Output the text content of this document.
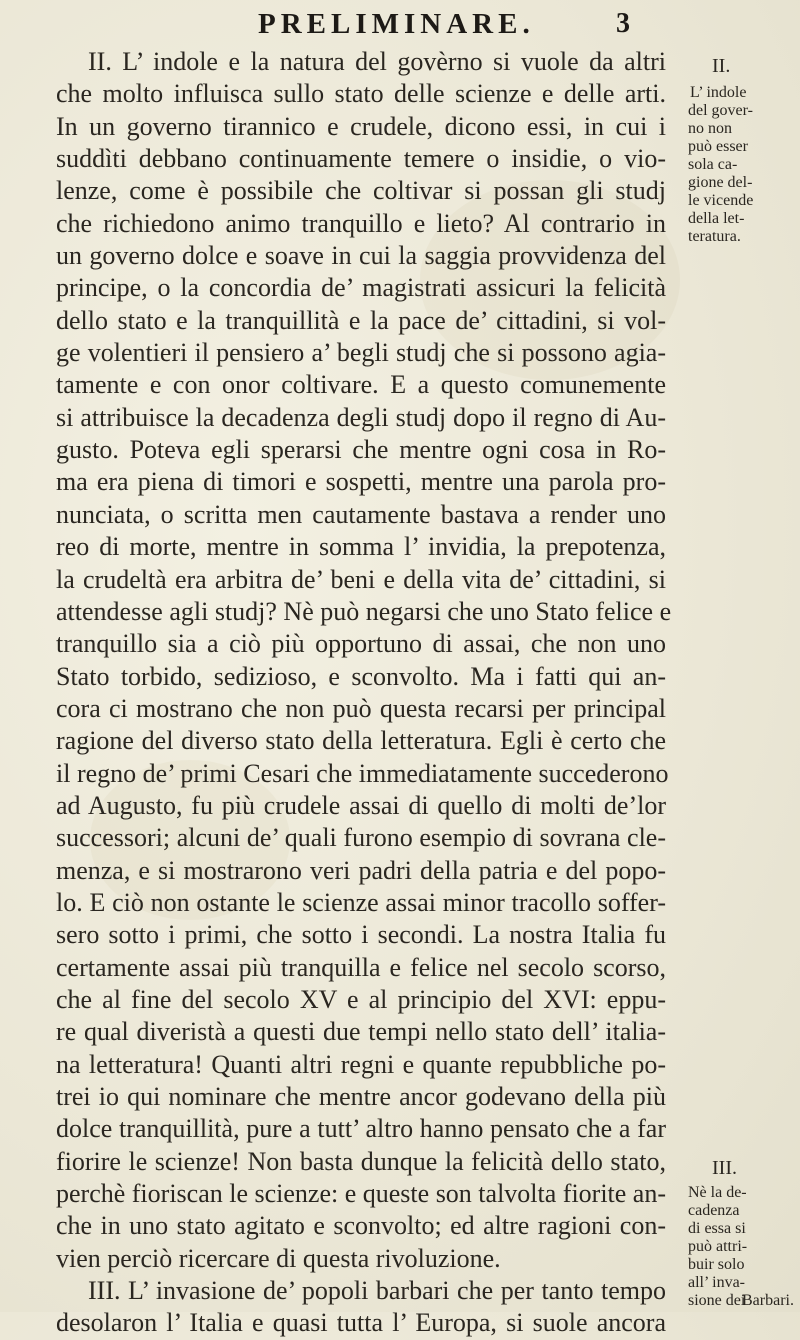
PRELIMINARE.	3
II. L’ indole e la natura del govèrno si vuole da altri
che molto influisca sullo stato delle scienze e delle arti.
In un governo tirannico e crudele, dicono essi, in cui i
suddìti debbano continuamente temere o insidie, o vio-
lenze, come è possibile che coltivar si possan gli studj
che richiedono animo tranquillo e lieto? Al contrario in
un governo dolce e soave in cui la saggia provvidenza del
principe, o la concordia de’ magistrati assicuri la felicità
dello stato e la tranquillità e la pace de’ cittadini, si vol-
ge volentieri il pensiero a’ begli studj che si possono agia-
tamente e con onor coltivare. E a questo comunemente
si attribuisce la decadenza degli studj dopo il regno di Au-
gusto. Poteva egli sperarsi che mentre ogni cosa in Ro-
ma era piena di timori e sospetti, mentre una parola pro-
nunciata, o scritta men cautamente bastava a render uno
reo di morte, mentre in somma l’ invidia, la prepotenza,
la crudeltà era arbitra de’ beni e della vita de’ cittadini, si
attendesse agli studj? Nè può negarsi che uno Stato felice e
tranquillo sia a ciò più opportuno di assai, che non uno
Stato torbido, sedizioso, e sconvolto. Ma i fatti qui an-
cora ci mostrano che non può questa recarsi per principal
ragione del diverso stato della letteratura. Egli è certo che
il regno de’ primi Cesari che immediatamente succederono
ad Augusto, fu più crudele assai di quello di molti de’lor
successori; alcuni de’ quali furono esempio di sovrana cle-
menza, e si mostrarono veri padri della patria e del popo-
lo. E ciò non ostante le scienze assai minor tracollo soffer-
sero sotto i primi, che sotto i secondi. La nostra Italia fu
certamente assai più tranquilla e felice nel secolo scorso,
che al fine del secolo XV e al principio del XVI: eppu-
re qual diveristà a questi due tempi nello stato dell’ italia-
na letteratura! Quanti altri regni e quante repubbliche po-
trei io qui nominare che mentre ancor godevano della più
dolce tranquillità, pure a tutt’ altro hanno pensato che a far
fiorire le scienze! Non basta dunque la felicità dello stato,
perchè fioriscan le scienze: e queste son talvolta fiorite an-
che in uno stato agitato e sconvolto; ed altre ragioni con-
vien perciò ricercare di questa rivoluzione.
III. L’ invasione de’ popoli barbari che per tanto tempo
desolaron l’ Italia e quasi tutta l’ Europa, si suole ancora
II.
L’ indole
del gover-
no non
può esser
sola ca-
gione del-
le vicende
della let-
teratura.
III.
Nè la de-
cadenza
di essa si
può attri-
buir solo
all’ inva-
sione dei
Barbari.
